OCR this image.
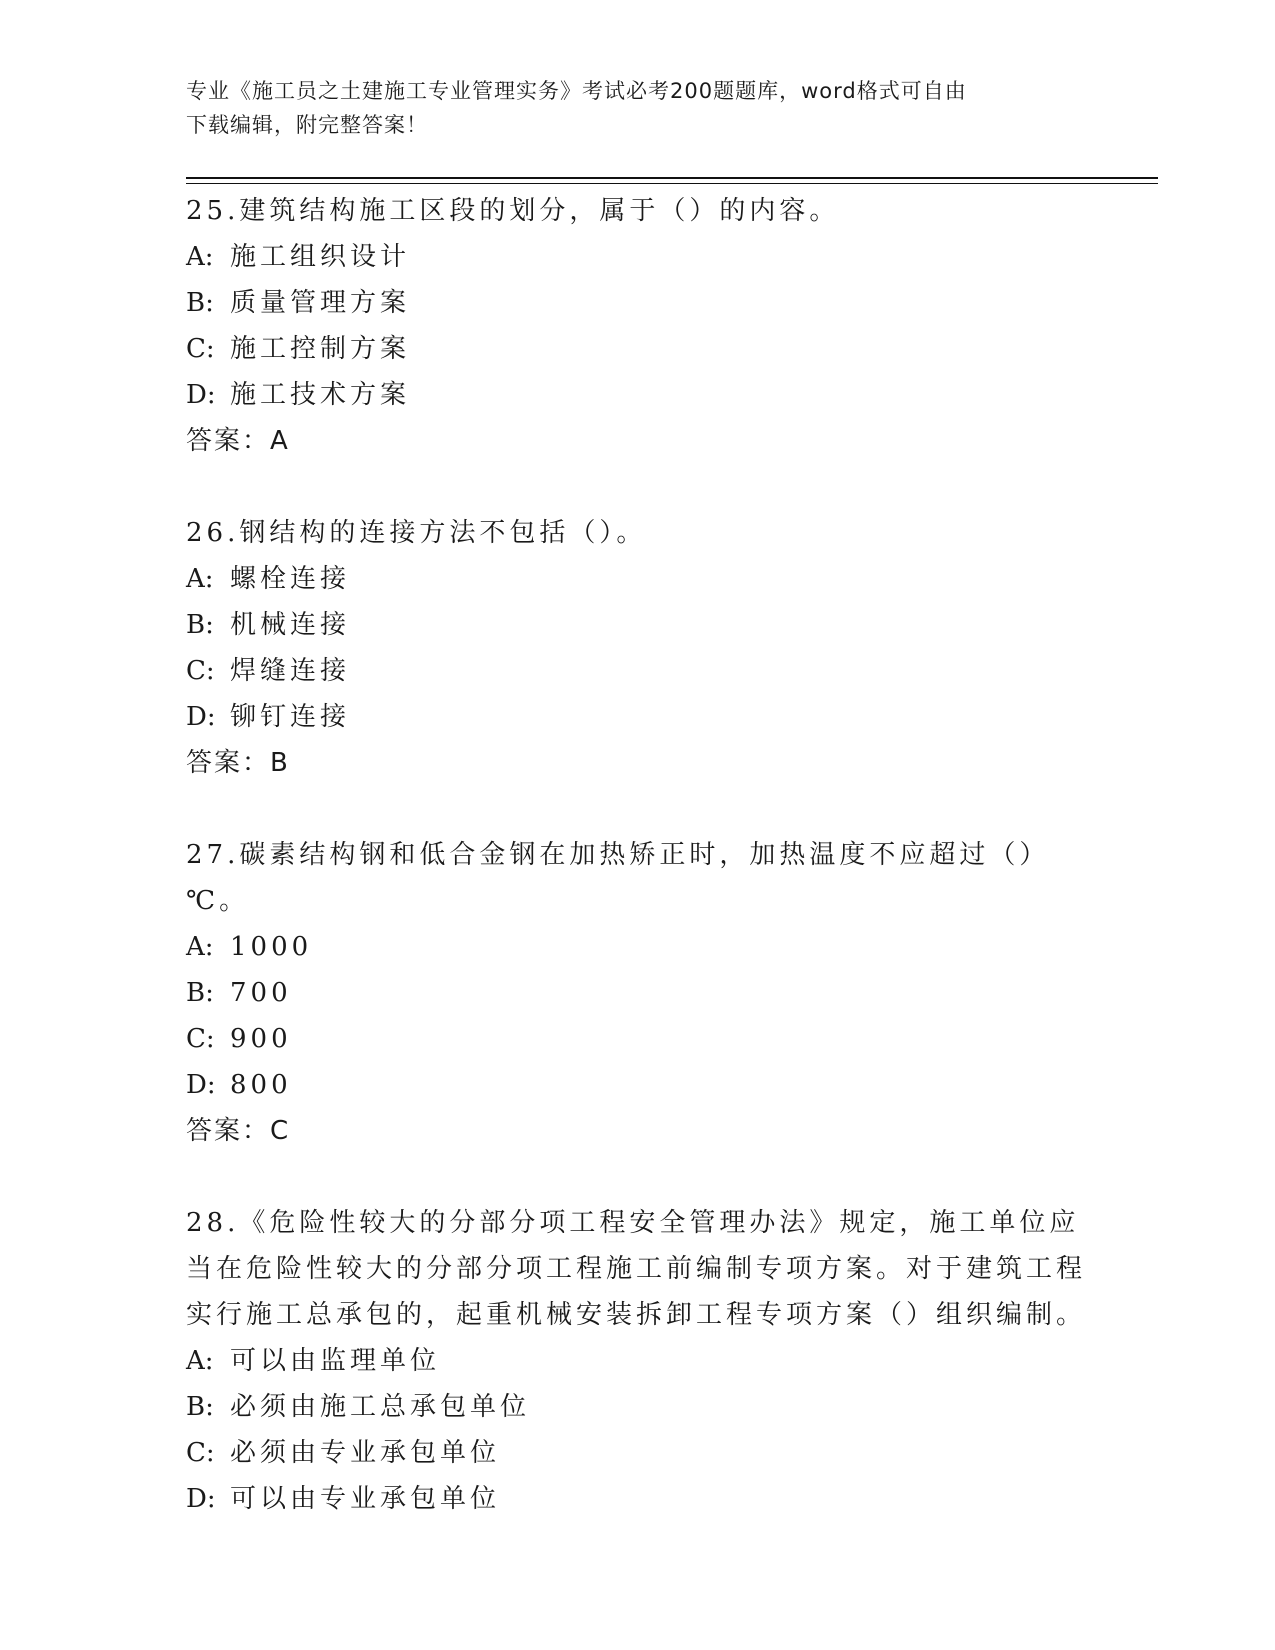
专业《施工员之土建施工专业管理实务》考试必考200题题库，word格式可自由
下载编辑，附完整答案！

25.建筑结构施工区段的划分，属于（）的内容。

A: 施工组织设计

B: 质量管理方案

C: 施工控制方案

D: 施工技术方案

答案：A

26.钢结构的连接方法不包括（）。

A: 螺栓连接

B: 机械连接

C: 焊缝连接

D: 铆钉连接

答案：B

27.碳素结构钢和低合金钢在加热矫正时，加热温度不应超过（）℃。

A: 1000

B: 700

C: 900

D: 800

答案：C

28.《危险性较大的分部分项工程安全管理办法》规定，施工单位应当在危险性较大的分部分项工程施工前编制专项方案。对于建筑工程实行施工总承包的，起重机械安装拆卸工程专项方案（）组织编制。

A: 可以由监理单位

B: 必须由施工总承包单位

C: 必须由专业承包单位

D: 可以由专业承包单位
